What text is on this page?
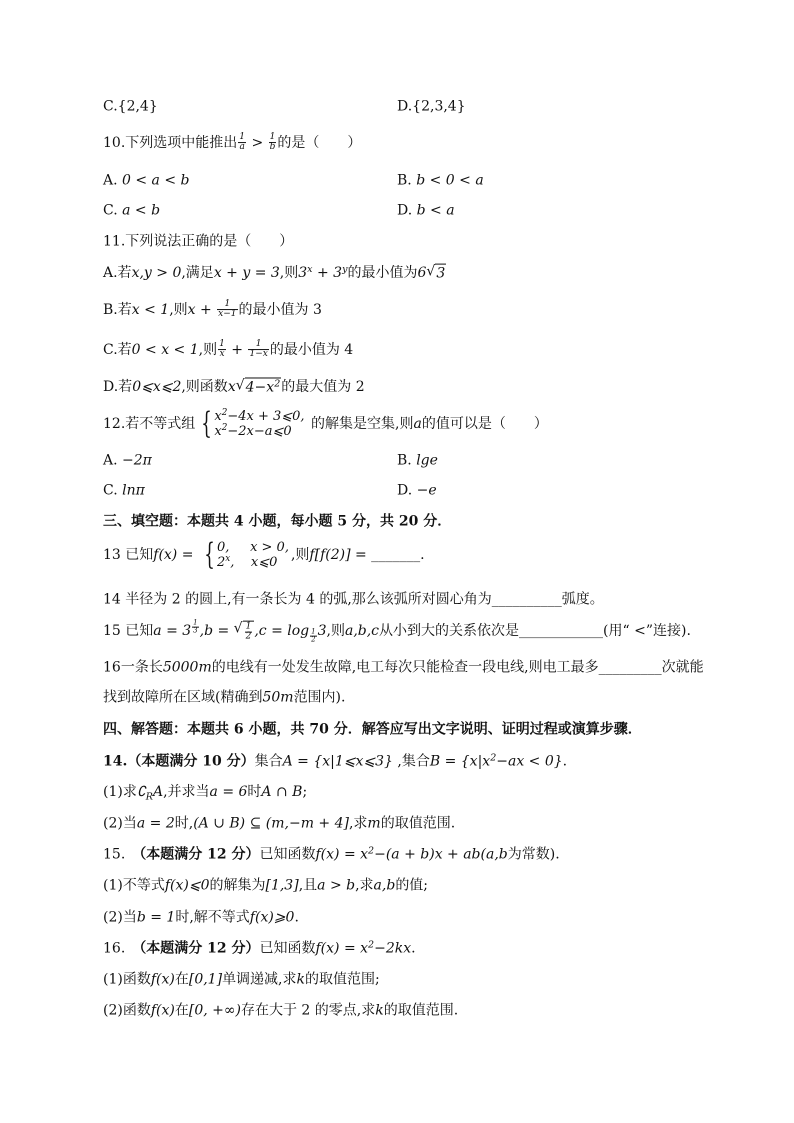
C.{2,4}	D.{2,3,4}
10.下列选项中能推出 $\frac{1}{a} > \frac{1}{b}$ 的是（　　）
A. 0 < a < b	B. b < 0 < a
C. a < b	D. b < a
11.下列说法正确的是（　　）
A.若x,y > 0,满足x + y = 3,则$3^x + 3^y$的最小值为6 √ 3
B.若x < 1,则$x + \frac{1}{x-1}$ 的最小值为 3
C.若0 < x < 1,则 $\frac{1}{x} + \frac{1}{1-x}$ 的最小值为 4
D.若0⩽x⩽2,则函数x √ $4-x^2$ 的最大值为 2
12.若不等式组 { $x^2-4x$ + 3⩽0,
$x^2-2x-a⩽0$	的解集是空集,则a的值可以是（　　）
A. −2π	B. lge
C. lnπ	D. −e
三、填空题：本题共 4 小题，每小题 5 分，共 20 分．
13 已知f(x) = { 0,     x > 0,
2$^x$,    x⩽0 ,则f[f(2)] = _______.
14 半径为 2 的圆上,有一条长为 4 的弧,那么该弧所对圆心角为__________弧度。
15 已知a = 3 $^{\frac{1}{3}}$ ,b = √ $\frac{1}{2} ,c = \log _{\frac{1}{2}}$ 3,则a,b,c从小到大的关系依次是____________(用“ <”连接).
16一条长5000m的电线有一处发生故障,电工每次只能检查一段电线,则电工最多_________次就能
找到故障所在区域(精确到50m范围内).
四、解答题：本题共 6 小题，共 70 分．解答应写出文字说明、证明过程或演算步骤．
14.（本题满分 10 分）集合A = {x|1⩽x⩽3} ,集合$B = \{x|x^2-ax < 0\}$.
(1)求$∁_RA$,并求当a = 6时A ∩ B;
(2)当a = 2时,(A ∪ B) ⊆ (m,−m + 4],求m的取值范围.
15.　（本题满分 12 分）已知函数$f(x) = x^2-(a + b)x + ab(a,b$为常数).
(1)不等式f(x)⩽0的解集为[1,3],且a > b,求a,b的值;
(2)当b = 1时,解不等式f(x)⩾0.
16.　（本题满分 12 分）已知函数$f(x) = x^2-2kx$.
(1)函数f(x)在[0,1]单调递减,求k的取值范围;
(2)函数f(x)在[0, +∞)存在大于 2 的零点,求k的取值范围.
